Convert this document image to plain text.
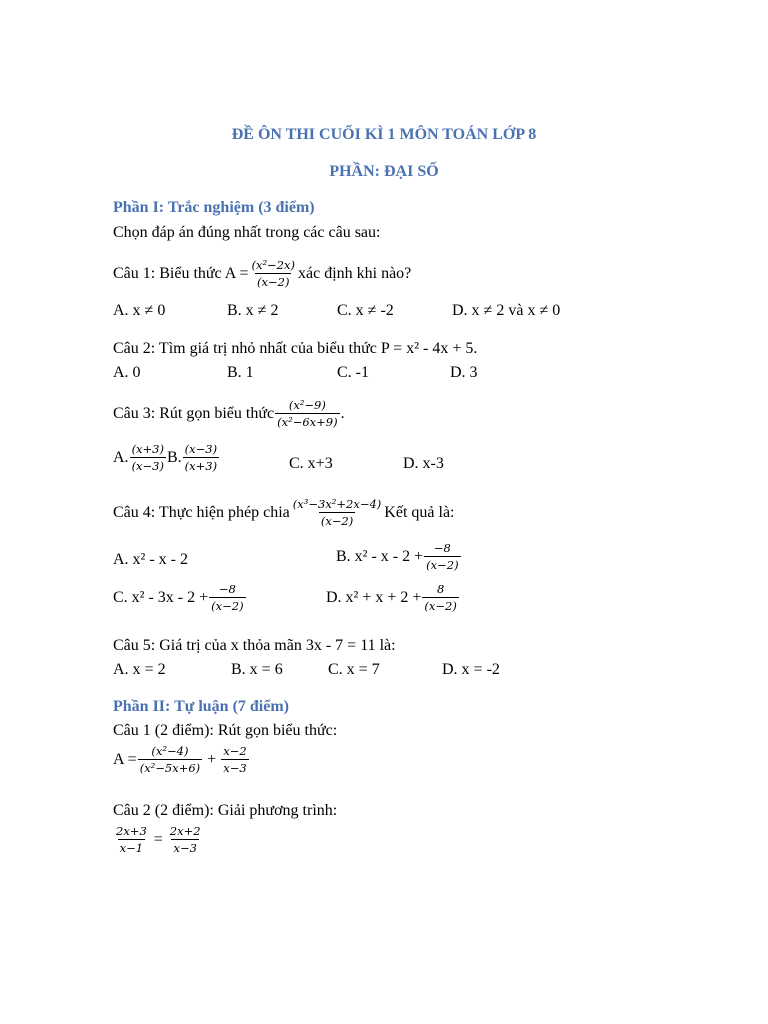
ĐỀ ÔN THI CUỐI KÌ 1 MÔN TOÁN LỚP 8
PHẦN: ĐẠI SỐ
Phần I: Trắc nghiệm (3 điểm)
Chọn đáp án đúng nhất trong các câu sau:
Câu 1: Biểu thức $A = \frac{\text{(x²−2x)}}{(x-2)}$ xác định khi nào?
A. x ≠ 0	B. x ≠ 2	C. x ≠ -2	D. x ≠ 2 và x ≠ 0
Câu 2: Tìm giá trị nhỏ nhất của biểu thức P = x² - 4x + 5.
A. 0	B. 1	C. -1	D. 3
Câu 3: Rút gọn biểu thức $\frac{\text{(x²−9)}}{\text{(x²−6x+9)}}$ .
A. $\frac{(x+3)}{(x-3)} B$. $\frac{(x-3)}{(x+3)}$	C. x+3	D. x-3
Câu 4: Thực hiện phép chia $\frac{\text{(x³−3x²+2x−4)}}{(x-2)}$ Kết quả là:
A. x² - x - 2	B. $x^2 - x - 2 + \frac{-8}{(x-2)}$
C. $x^2 - 3x - 2 + \frac{-8}{(x-2)}$	D. $x^2 + x + 2 + \frac{8}{(x-2)}$
Câu 5: Giá trị của x thỏa mãn 3x - 7 = 11 là:
A. x = 2	B. x = 6	C. x = 7	D. x = -2
Phần II: Tự luận (7 điểm)
Câu 1 (2 điểm): Rút gọn biểu thức:
$A = \frac{\text{(x²−4)}}{\text{(x²−5x+6)}} + \frac{x-2}{x-3}$
Câu 2 (2 điểm): Giải phương trình:
$\frac{2x+3}{x-1} = \frac{2x+2}{x-3}$
